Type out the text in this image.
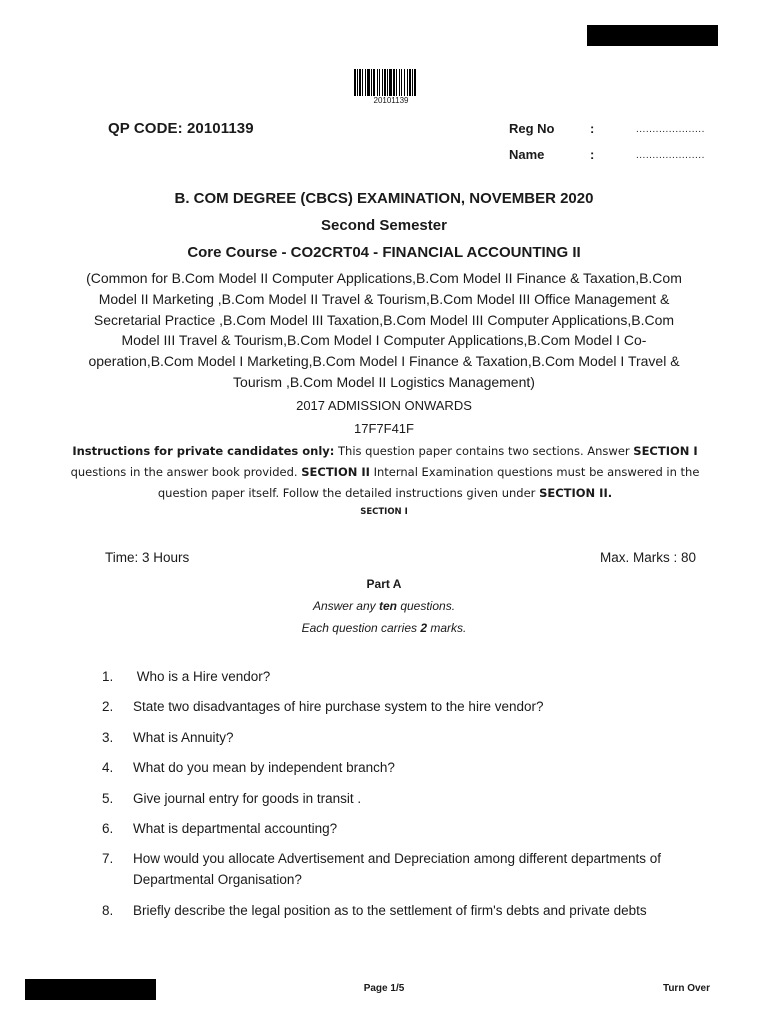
20101139
QP CODE: 20101139	Reg No	:	.....................
Name	:	.....................
B. COM DEGREE (CBCS) EXAMINATION, NOVEMBER 2020
Second Semester
Core Course - CO2CRT04 - FINANCIAL ACCOUNTING II
(Common for B.Com Model II Computer Applications,B.Com Model II Finance & Taxation,B.Com
Model II Marketing ,B.Com Model II Travel & Tourism,B.Com Model III Office Management &
Secretarial Practice ,B.Com Model III Taxation,B.Com Model III Computer Applications,B.Com
Model III Travel & Tourism,B.Com Model I Computer Applications,B.Com Model I Co-
operation,B.Com Model I Marketing,B.Com Model I Finance & Taxation,B.Com Model I Travel &
Tourism ,B.Com Model II Logistics Management)
2017 ADMISSION ONWARDS
17F7F41F
Instructions for private candidates only: This question paper contains two sections. Answer SECTION I questions in the answer book provided. SECTION II Internal Examination questions must be answered in the question paper itself. Follow the detailed instructions given under SECTION II.
SECTION I
Time: 3 Hours	Max. Marks : 80
Part A
Answer any ten questions.
Each question carries 2 marks.
1. Who is a Hire vendor?
2. State two disadvantages of hire purchase system to the hire vendor?
3. What is Annuity?
4. What do you mean by independent branch?
5. Give journal entry for goods in transit .
6. What is departmental accounting?
7. How would you allocate Advertisement and Depreciation among different departments of Departmental Organisation?
8. Briefly describe the legal position as to the settlement of firm's debts and private debts
Page 1/5	Turn Over
